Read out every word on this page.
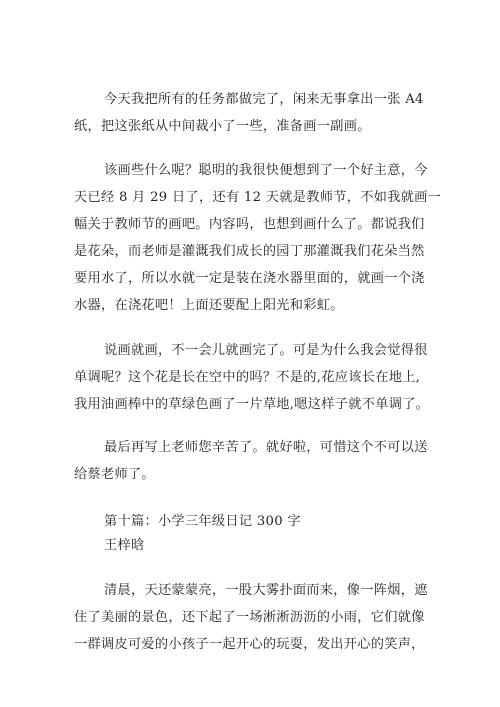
今天我把所有的任务都做完了，闲来无事拿出一张 A4
纸，把这张纸从中间裁小了一些，准备画一副画。
该画些什么呢？聪明的我很快便想到了一个好主意，今
天已经 8 月 29 日了，还有 12 天就是教师节，不如我就画一
幅关于教师节的画吧。内容吗，也想到画什么了。都说我们
是花朵，而老师是灌溉我们成长的园丁那灌溉我们花朵当然
要用水了，所以水就一定是装在浇水器里面的，就画一个浇
水器，在浇花吧！上面还要配上阳光和彩虹。
说画就画，不一会儿就画完了。可是为什么我会觉得很
单调呢？这个花是长在空中的吗？不是的,花应该长在地上,
我用油画棒中的草绿色画了一片草地,嗯这样子就不单调了。
最后再写上老师您辛苦了。就好啦，可惜这个不可以送
给蔡老师了。
第十篇：小学三年级日记 300 字
王梓晗
清晨，天还蒙蒙亮，一股大雾扑面而来，像一阵烟，遮
住了美丽的景色，还下起了一场淅淅沥沥的小雨，它们就像
一群调皮可爱的小孩子一起开心的玩耍，发出开心的笑声，
